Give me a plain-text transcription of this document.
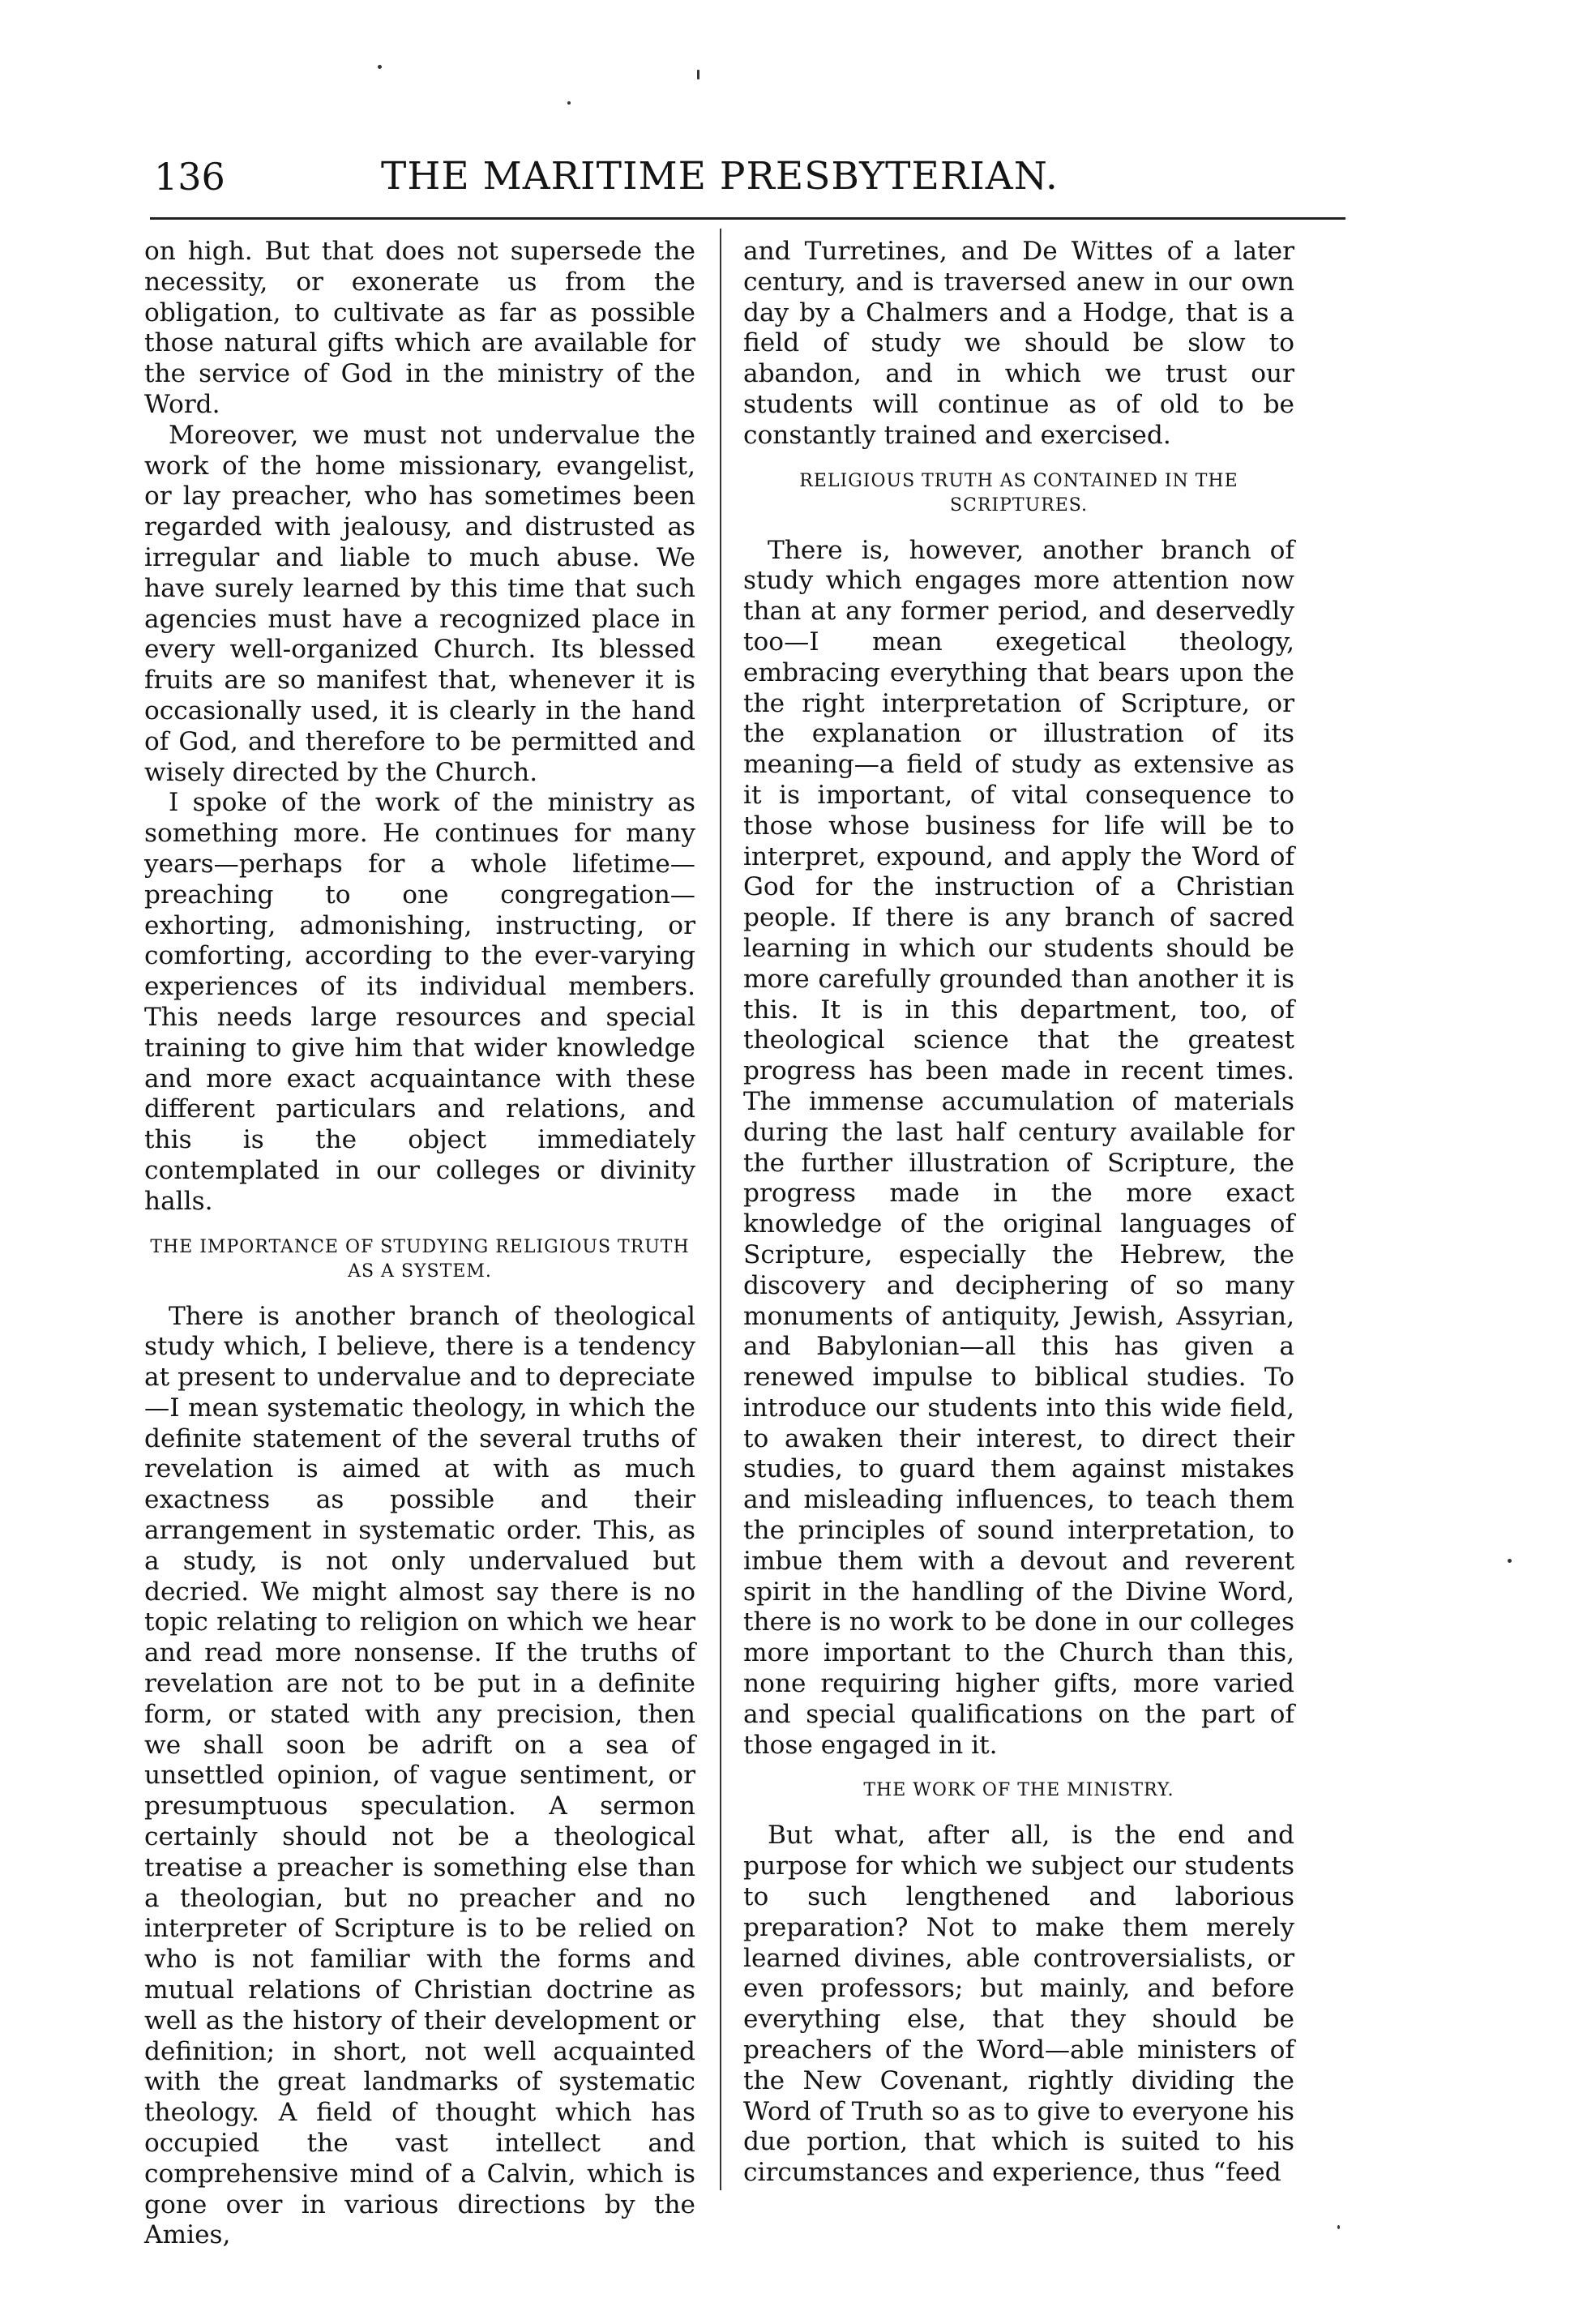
136	THE MARITIME PRESBYTERIAN.

on high. But that does not supersede the necessity, or exonerate us from the obligation, to cultivate as far as possible those natural gifts which are available for the service of God in the ministry of the Word.

Moreover, we must not undervalue the work of the home missionary, evangelist, or lay preacher, who has sometimes been regarded with jealousy, and distrusted as irregular and liable to much abuse. We have surely learned by this time that such agencies must have a recognized place in every well-organized Church. Its blessed fruits are so manifest that, whenever it is occasionally used, it is clearly in the hand of God, and therefore to be permitted and wisely directed by the Church.

I spoke of the work of the ministry as something more. He continues for many years—perhaps for a whole lifetime—preaching to one congregation—exhorting, admonishing, instructing, or comforting, according to the ever-varying experiences of its individual members. This needs large resources and special training to give him that wider knowledge and more exact acquaintance with these different particulars and relations, and this is the object immediately contemplated in our colleges or divinity halls.

THE IMPORTANCE OF STUDYING RELIGIOUS TRUTH AS A SYSTEM.

There is another branch of theological study which, I believe, there is a tendency at present to undervalue and to depreciate—I mean systematic theology, in which the definite statement of the several truths of revelation is aimed at with as much exactness as possible and their arrangement in systematic order. This, as a study, is not only undervalued but decried. We might almost say there is no topic relating to religion on which we hear and read more nonsense. If the truths of revelation are not to be put in a definite form, or stated with any precision, then we shall soon be adrift on a sea of unsettled opinion, of vague sentiment, or presumptuous speculation. A sermon certainly should not be a theological treatise a preacher is something else than a theologian, but no preacher and no interpreter of Scripture is to be relied on who is not familiar with the forms and mutual relations of Christian doctrine as well as the history of their development or definition; in short, not well acquainted with the great landmarks of systematic theology. A field of thought which has occupied the vast intellect and comprehensive mind of a Calvin, which is gone over in various directions by the Amies,

and Turretines, and De Wittes of a later century, and is traversed anew in our own day by a Chalmers and a Hodge, that is a field of study we should be slow to abandon, and in which we trust our students will continue as of old to be constantly trained and exercised.

RELIGIOUS TRUTH AS CONTAINED IN THE SCRIPTURES.

There is, however, another branch of study which engages more attention now than at any former period, and deservedly too—I mean exegetical theology, embracing everything that bears upon the the right interpretation of Scripture, or the explanation or illustration of its meaning—a field of study as extensive as it is important, of vital consequence to those whose business for life will be to interpret, expound, and apply the Word of God for the instruction of a Christian people. If there is any branch of sacred learning in which our students should be more carefully grounded than another it is this. It is in this department, too, of theological science that the greatest progress has been made in recent times. The immense accumulation of materials during the last half century available for the further illustration of Scripture, the progress made in the more exact knowledge of the original languages of Scripture, especially the Hebrew, the discovery and deciphering of so many monuments of antiquity, Jewish, Assyrian, and Babylonian—all this has given a renewed impulse to biblical studies. To introduce our students into this wide field, to awaken their interest, to direct their studies, to guard them against mistakes and misleading influences, to teach them the principles of sound interpretation, to imbue them with a devout and reverent spirit in the handling of the Divine Word, there is no work to be done in our colleges more important to the Church than this, none requiring higher gifts, more varied and special qualifications on the part of those engaged in it.

THE WORK OF THE MINISTRY.

But what, after all, is the end and purpose for which we subject our students to such lengthened and laborious preparation? Not to make them merely learned divines, able controversialists, or even professors; but mainly, and before everything else, that they should be preachers of the Word—able ministers of the New Covenant, rightly dividing the Word of Truth so as to give to everyone his due portion, that which is suited to his circumstances and experience, thus “feed
